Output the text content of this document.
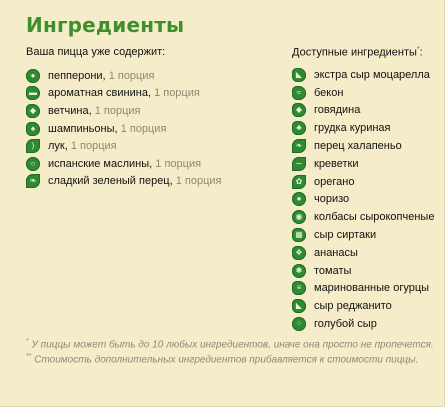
Ингредиенты
Ваша пицца уже содержит:
●	пепперони,
1 порция
▬ ароматная свинина,
1 порция
◆	ветчина,
1 порция
♠	шампиньоны,
1 порция
)	лук,
1 порция
○	испанские маслины,
1 порция
❧	сладкий зеленый перец,
1 порция
Доступные ингредиенты*:
◣	экстра сыр моцарелла
≈	бекон
◆	говядина
♣	грудка куриная
❧	перец халапеньо
∽	креветки
✿	орегано
●	чоризо
◉	колбасы сырокопченые
▦ сыр сиртаки
❖	ананасы
✱	томаты
≡	маринованные огурцы
◣	сыр реджанито
⁘	голубой сыр
* У пиццы может быть до 10 любых ингредиентов, иначе она просто не пропечется.
** Стоимость дополнительных ингредиентов прибавляется к стоимости пиццы.
